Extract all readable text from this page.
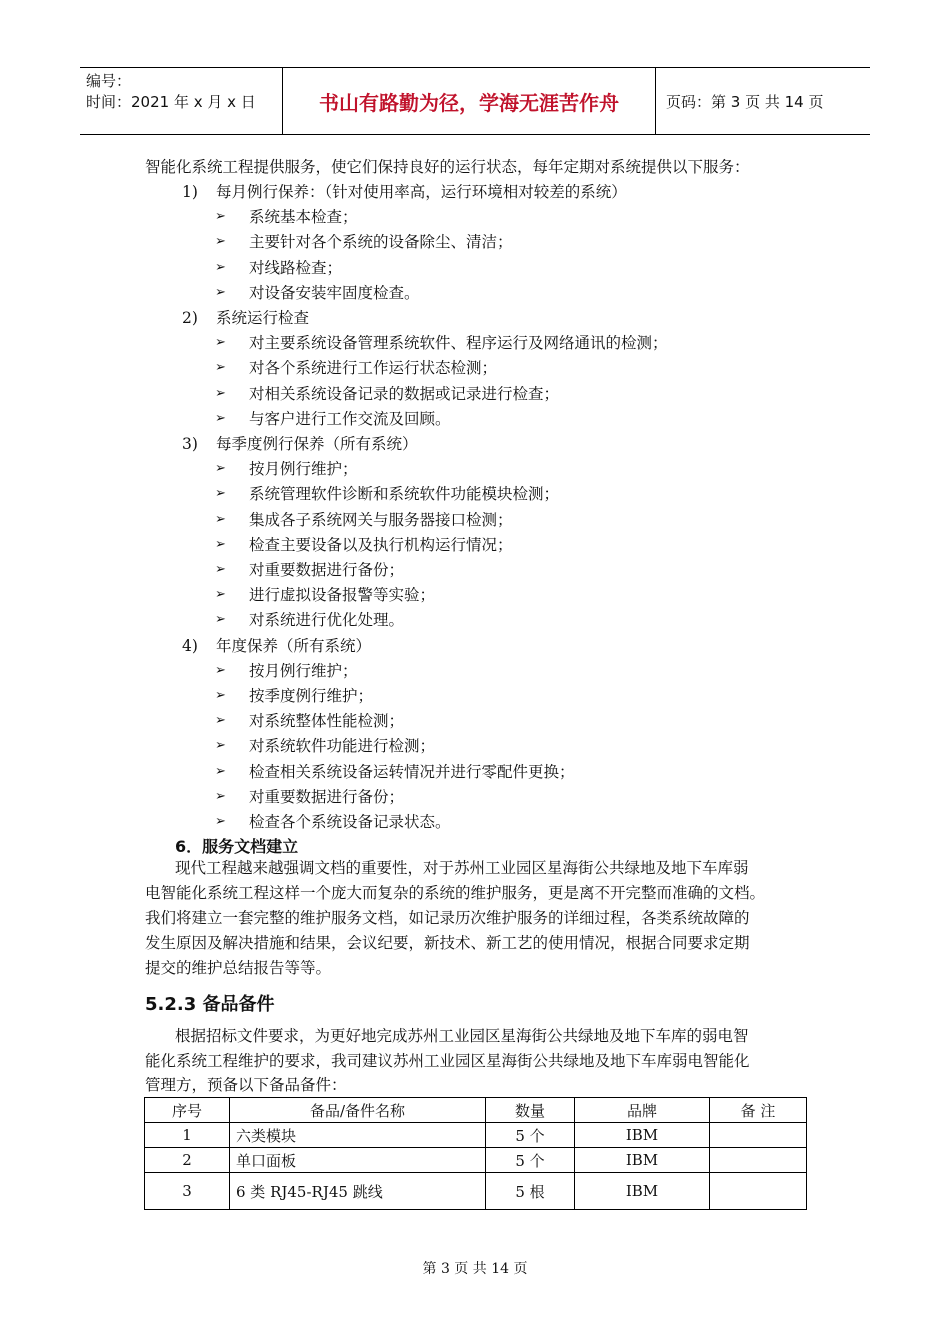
编号：
时间：2021 年 x 月 x 日	书山有路勤为径，学海无涯苦作舟	页码：第 3 页 共 14 页
智能化系统工程提供服务，使它们保持良好的运行状态，每年定期对系统提供以下服务：
1) 每月例行保养：（针对使用率高，运行环境相对较差的系统）
➢ 系统基本检查；
➢ 主要针对各个系统的设备除尘、清洁；
➢ 对线路检查；
➢ 对设备安装牢固度检查。
2) 系统运行检查
➢ 对主要系统设备管理系统软件、程序运行及网络通讯的检测；
➢ 对各个系统进行工作运行状态检测；
➢ 对相关系统设备记录的数据或记录进行检查；
➢ 与客户进行工作交流及回顾。
3) 每季度例行保养（所有系统）
➢ 按月例行维护；
➢ 系统管理软件诊断和系统软件功能模块检测；
➢ 集成各子系统网关与服务器接口检测；
➢ 检查主要设备以及执行机构运行情况；
➢ 对重要数据进行备份；
➢ 进行虚拟设备报警等实验；
➢ 对系统进行优化处理。
4) 年度保养（所有系统）
➢ 按月例行维护；
➢ 按季度例行维护；
➢ 对系统整体性能检测；
➢ 对系统软件功能进行检测；
➢ 检查相关系统设备运转情况并进行零配件更换；
➢ 对重要数据进行备份；
➢ 检查各个系统设备记录状态。
6．服务文档建立
现代工程越来越强调文档的重要性，对于苏州工业园区星海街公共绿地及地下车库弱
电智能化系统工程这样一个庞大而复杂的系统的维护服务，更是离不开完整而准确的文档。
我们将建立一套完整的维护服务文档，如记录历次维护服务的详细过程，各类系统故障的
发生原因及解决措施和结果，会议纪要，新技术、新工艺的使用情况，根据合同要求定期
提交的维护总结报告等等。
5.2.3 备品备件
根据招标文件要求，为更好地完成苏州工业园区星海街公共绿地及地下车库的弱电智
能化系统工程维护的要求，我司建议苏州工业园区星海街公共绿地及地下车库弱电智能化
管理方，预备以下备品备件：
序号	备品/备件名称	数量	品牌	备 注
1	六类模块	5 个	IBM	
2	单口面板	5 个	IBM	
3	6 类 RJ45-RJ45 跳线	5 根	IBM	
第 3 页 共 14 页
